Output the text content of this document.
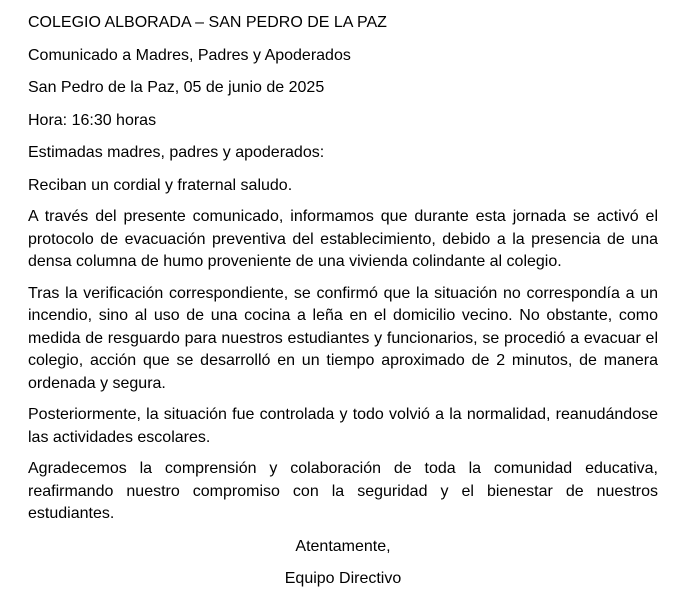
COLEGIO ALBORADA – SAN PEDRO DE LA PAZ

Comunicado a Madres, Padres y Apoderados

San Pedro de la Paz, 05 de junio de 2025

Hora: 16:30 horas

Estimadas madres, padres y apoderados:

Reciban un cordial y fraternal saludo.

A través del presente comunicado, informamos que durante esta jornada se activó el protocolo de evacuación preventiva del establecimiento, debido a la presencia de una densa columna de humo proveniente de una vivienda colindante al colegio.

Tras la verificación correspondiente, se confirmó que la situación no correspondía a un incendio, sino al uso de una cocina a leña en el domicilio vecino. No obstante, como medida de resguardo para nuestros estudiantes y funcionarios, se procedió a evacuar el colegio, acción que se desarrolló en un tiempo aproximado de 2 minutos, de manera ordenada y segura.

Posteriormente, la situación fue controlada y todo volvió a la normalidad, reanudándose las actividades escolares.

Agradecemos la comprensión y colaboración de toda la comunidad educativa, reafirmando nuestro compromiso con la seguridad y el bienestar de nuestros estudiantes.

Atentamente,

Equipo Directivo
